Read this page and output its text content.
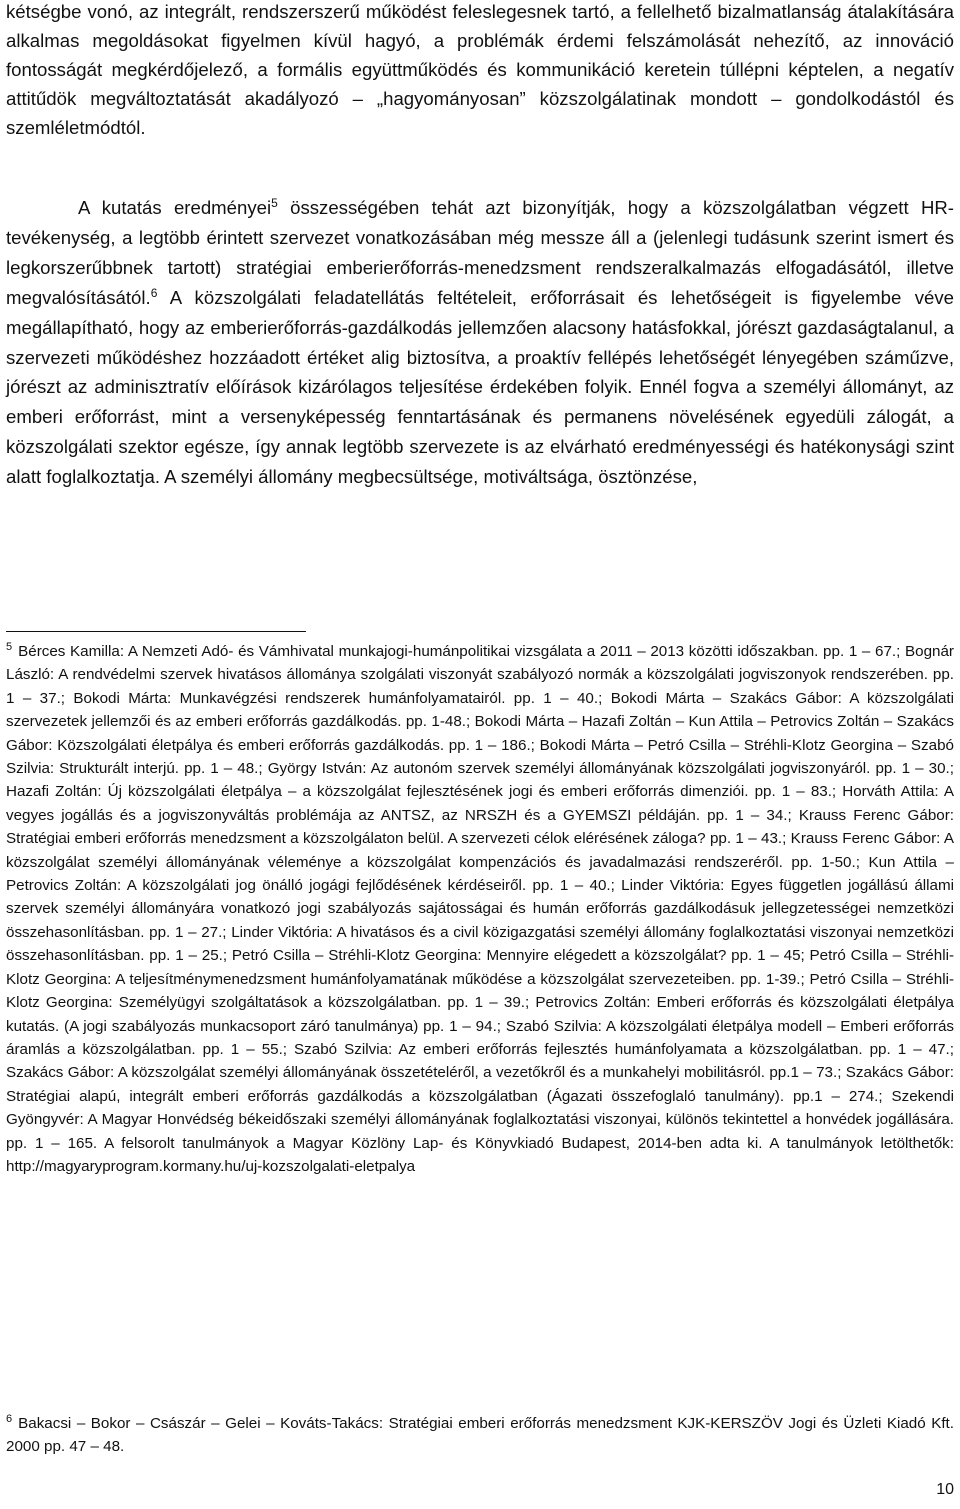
kétségbe vonó, az integrált, rendszerszerű működést feleslegesnek tartó, a fellelhető bizalmatlanság átalakítására alkalmas megoldásokat figyelmen kívül hagyó, a problémák érdemi felszámolását nehezítő, az innováció fontosságát megkérdőjelező, a formális együttműködés és kommunikáció keretein túllépni képtelen, a negatív attitűdök megváltoztatását akadályozó – „hagyományosan” közszolgálatinak mondott – gondolkodástól és szemléletmódtól.

A kutatás eredményei$^5$ összességében tehát azt bizonyítják, hogy a közszolgálatban végzett HR-tevékenység, a legtöbb érintett szervezet vonatkozásában még messze áll a (jelenlegi tudásunk szerint ismert és legkorszerűbbnek tartott) stratégiai emberierőforrás-menedzsment rendszeralkalmazás elfogadásától, illetve megvalósításától.$^6$ A közszolgálati feladatellátás feltételeit, erőforrásait és lehetőségeit is figyelembe véve megállapítható, hogy az emberierőforrás-gazdálkodás jellemzően alacsony hatásfokkal, jórészt gazdaságtalanul, a szervezeti működéshez hozzáadott értéket alig biztosítva, a proaktív fellépés lehetőségét lényegében száműzve, jórészt az adminisztratív előírások kizárólagos teljesítése érdekében folyik. Ennél fogva a személyi állományt, az emberi erőforrást, mint a versenyképesség fenntartásának és permanens növelésének egyedüli zálogát, a közszolgálati szektor egésze, így annak legtöbb szervezete is az elvárható eredményességi és hatékonysági szint alatt foglalkoztatja. A személyi állomány megbecsültsége, motiváltsága, ösztönzése,

$^5$ Bérces Kamilla: A Nemzeti Adó- és Vámhivatal munkajogi-humánpolitikai vizsgálata a 2011 – 2013 közötti időszakban. pp. 1 – 67.; Bognár László: A rendvédelmi szervek hivatásos állománya szolgálati viszonyát szabályozó normák a közszolgálati jogviszonyok rendszerében. pp. 1 – 37.; Bokodi Márta: Munkavégzési rendszerek humánfolyamatairól. pp. 1 – 40.; Bokodi Márta – Szakács Gábor: A közszolgálati szervezetek jellemzői és az emberi erőforrás gazdálkodás. pp. 1-48.; Bokodi Márta – Hazafi Zoltán – Kun Attila – Petrovics Zoltán – Szakács Gábor: Közszolgálati életpálya és emberi erőforrás gazdálkodás. pp. 1 – 186.; Bokodi Márta – Petró Csilla – Stréhli-Klotz Georgina – Szabó Szilvia: Strukturált interjú. pp. 1 – 48.; György István: Az autonóm szervek személyi állományának közszolgálati jogviszonyáról. pp. 1 – 30.; Hazafi Zoltán: Új közszolgálati életpálya – a közszolgálat fejlesztésének jogi és emberi erőforrás dimenziói. pp. 1 – 83.; Horváth Attila: A vegyes jogállás és a jogviszonyváltás problémája az ANTSZ, az NRSZH és a GYEMSZI példáján. pp. 1 – 34.; Krauss Ferenc Gábor: Stratégiai emberi erőforrás menedzsment a közszolgálaton belül. A szervezeti célok elérésének záloga? pp. 1 – 43.; Krauss Ferenc Gábor: A közszolgálat személyi állományának véleménye a közszolgálat kompenzációs és javadalmazási rendszeréről. pp. 1-50.; Kun Attila – Petrovics Zoltán: A közszolgálati jog önálló jogági fejlődésének kérdéseiről. pp. 1 – 40.; Linder Viktória: Egyes független jogállású állami szervek személyi állományára vonatkozó jogi szabályozás sajátosságai és humán erőforrás gazdálkodásuk jellegzetességei nemzetközi összehasonlításban. pp. 1 – 27.; Linder Viktória: A hivatásos és a civil közigazgatási személyi állomány foglalkoztatási viszonyai nemzetközi összehasonlításban. pp. 1 – 25.; Petró Csilla – Stréhli-Klotz Georgina: Mennyire elégedett a közszolgálat? pp. 1 – 45; Petró Csilla – Stréhli-Klotz Georgina: A teljesítménymenedzsment humánfolyamatának működése a közszolgálat szervezeteiben. pp. 1-39.; Petró Csilla – Stréhli-Klotz Georgina: Személyügyi szolgáltatások a közszolgálatban. pp. 1 – 39.; Petrovics Zoltán: Emberi erőforrás és közszolgálati életpálya kutatás. (A jogi szabályozás munkacsoport záró tanulmánya) pp. 1 – 94.; Szabó Szilvia: A közszolgálati életpálya modell – Emberi erőforrás áramlás a közszolgálatban. pp. 1 – 55.; Szabó Szilvia: Az emberi erőforrás fejlesztés humánfolyamata a közszolgálatban. pp. 1 – 47.; Szakács Gábor: A közszolgálat személyi állományának összetételéről, a vezetőkről és a munkahelyi mobilitásról. pp.1 – 73.; Szakács Gábor: Stratégiai alapú, integrált emberi erőforrás gazdálkodás a közszolgálatban (Ágazati összefoglaló tanulmány). pp.1 – 274.; Szekendi Gyöngyvér: A Magyar Honvédség békeidőszaki személyi állományának foglalkoztatási viszonyai, különös tekintettel a honvédek jogállására. pp. 1 – 165. A felsorolt tanulmányok a Magyar Közlöny Lap- és Könyvkiadó Budapest, 2014-ben adta ki. A tanulmányok letölthetők: http://magyaryprogram.kormany.hu/uj-kozszolgalati-eletpalya

$^6$ Bakacsi – Bokor – Császár – Gelei – Kováts-Takács: Stratégiai emberi erőforrás menedzsment KJK-KERSZÖV Jogi és Üzleti Kiadó Kft. 2000 pp. 47 – 48.

10
